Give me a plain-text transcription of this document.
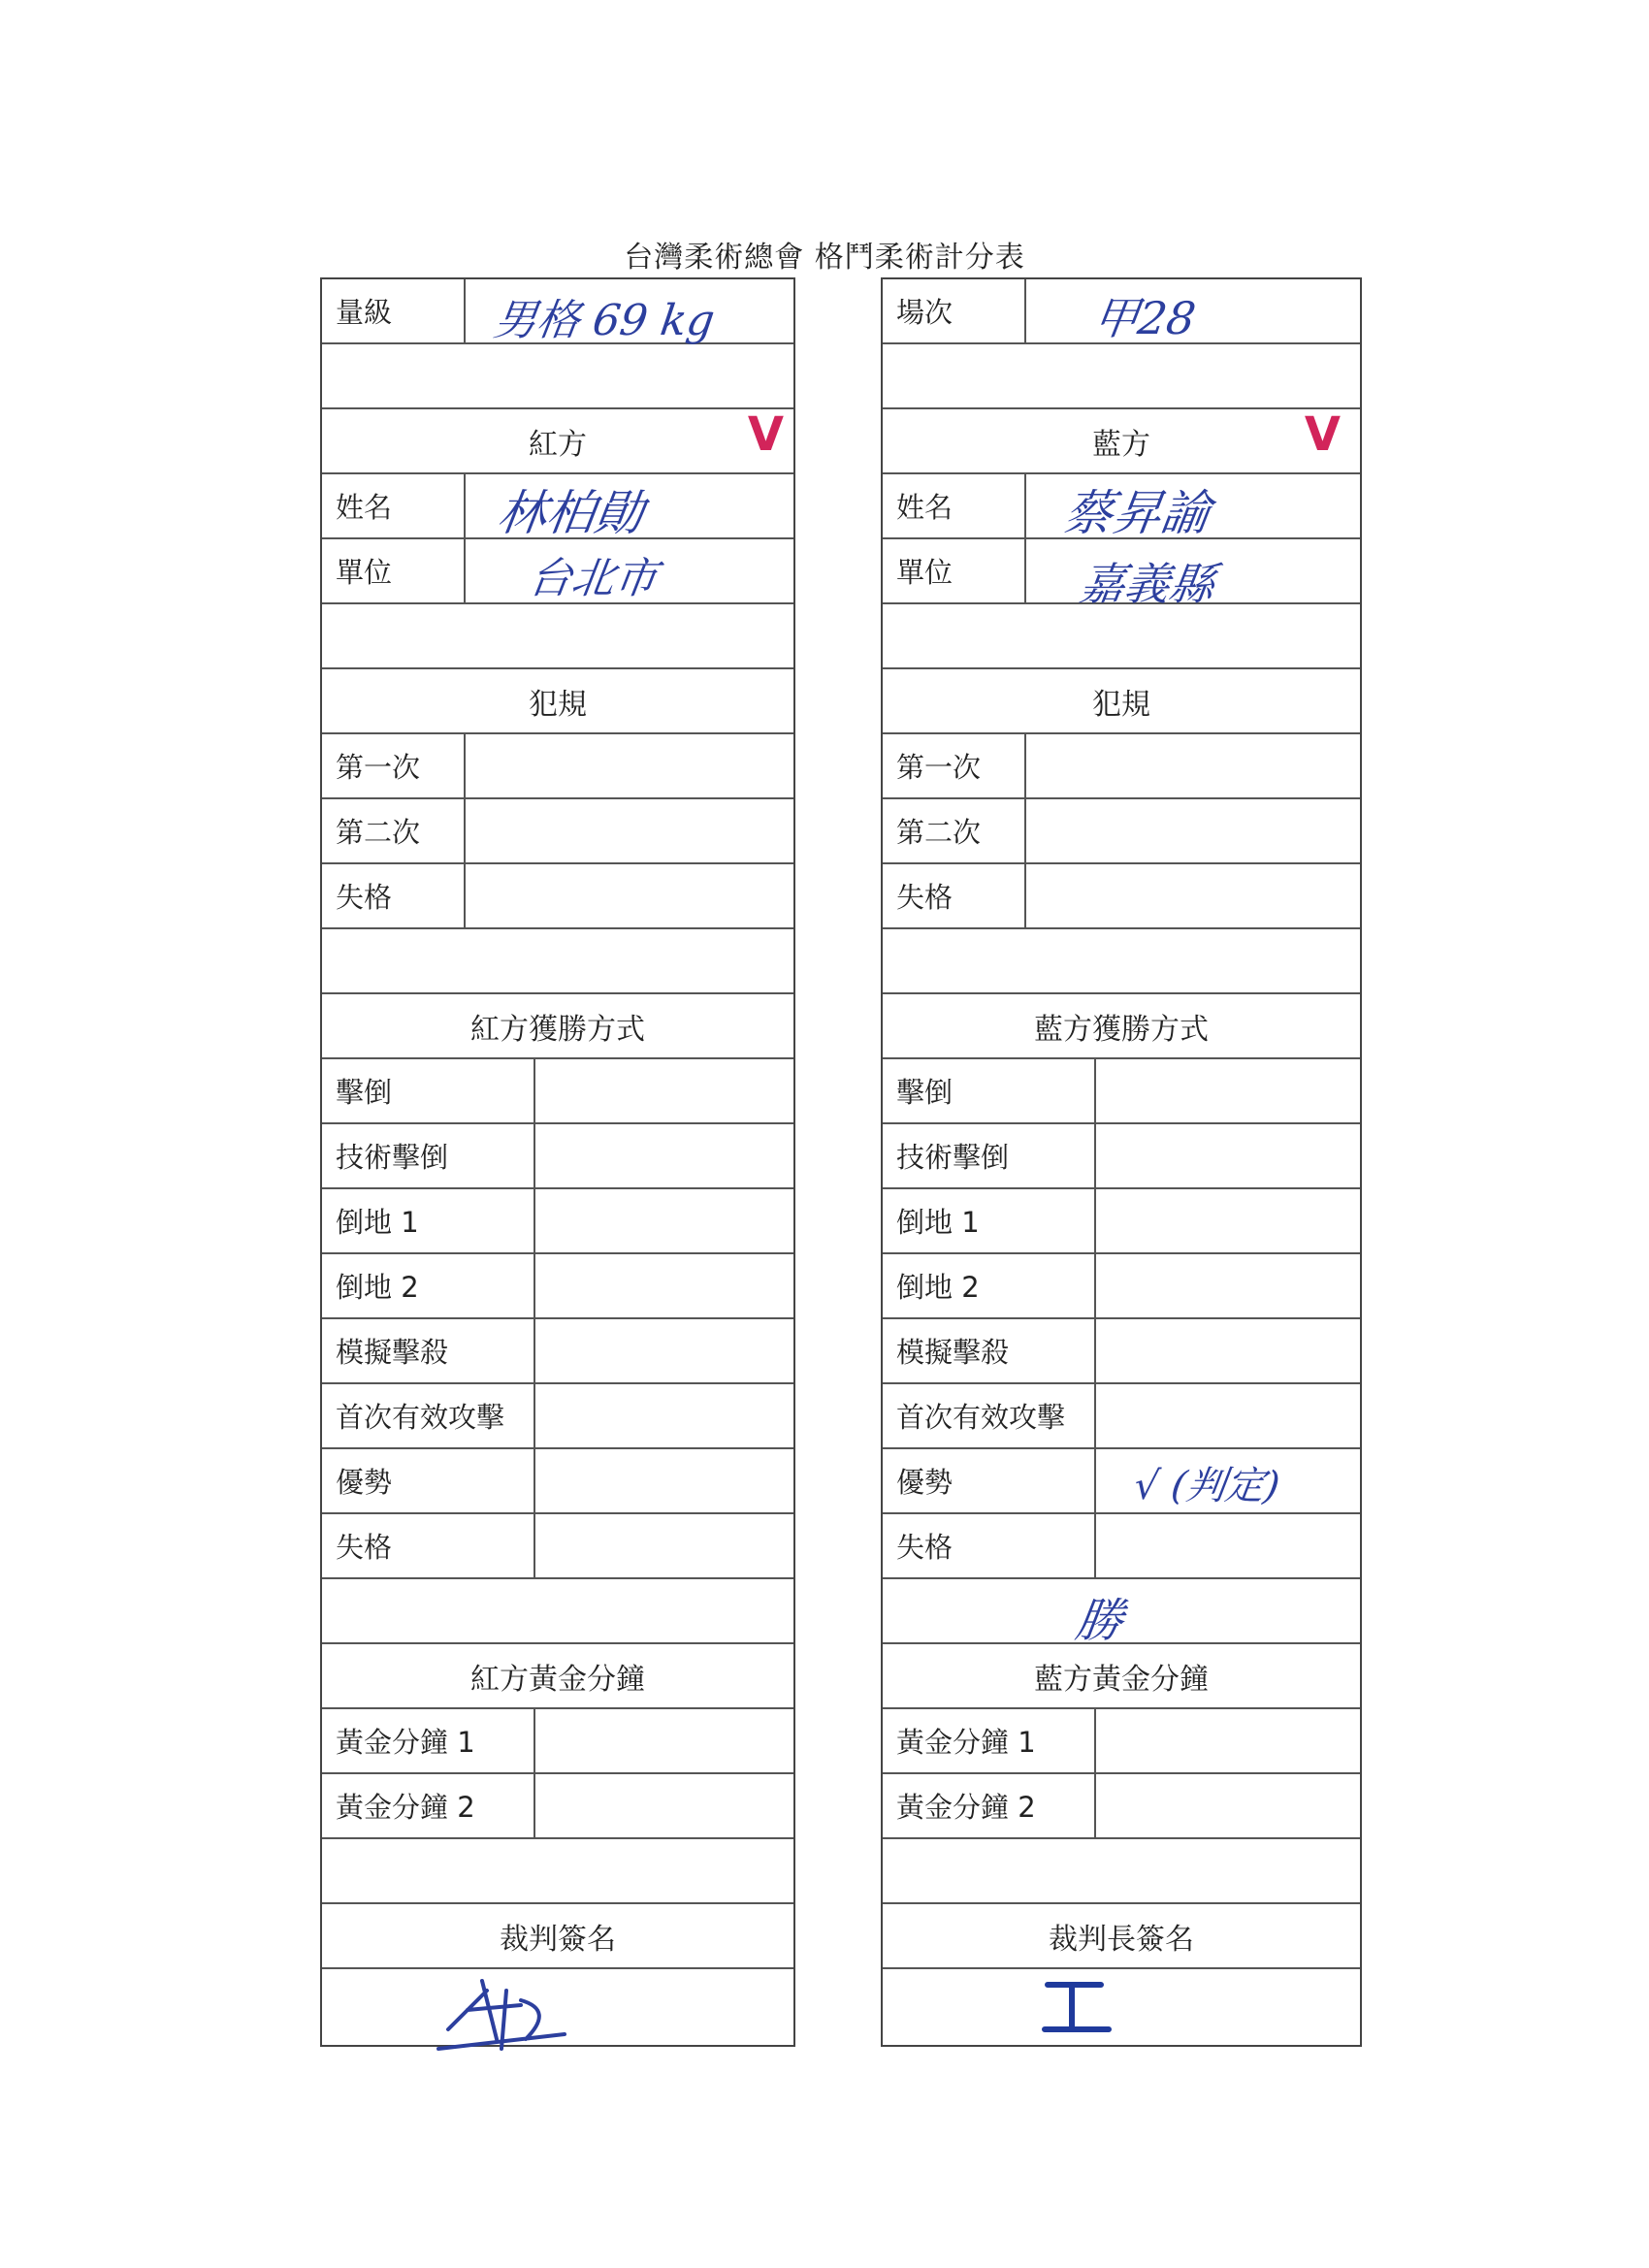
台灣柔術總會 格鬥柔術計分表
量級	男格 69 kg
紅方	V
姓名	林柏勛
單位	台北市
犯規
第一次
第二次
失格
紅方獲勝方式
擊倒
技術擊倒
倒地 1
倒地 2
模擬擊殺
首次有效攻擊
優勢
失格
紅方黃金分鐘
黃金分鐘 1
黃金分鐘 2
裁判簽名
場次	甲28
藍方	V
姓名	蔡昇諭
單位	嘉義縣
犯規
第一次
第二次
失格
藍方獲勝方式
擊倒
技術擊倒
倒地 1
倒地 2
模擬擊殺
首次有效攻擊
優勢	√ (判定)
失格
勝
藍方黃金分鐘
黃金分鐘 1
黃金分鐘 2
裁判長簽名
